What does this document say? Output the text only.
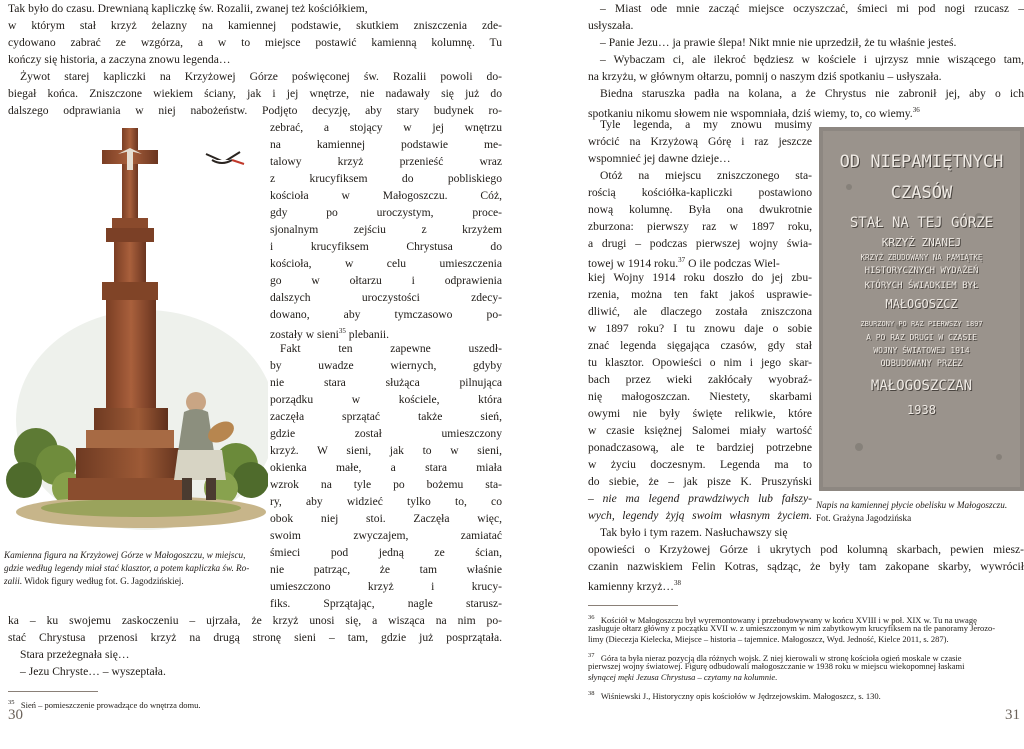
Tak było do czasu. Drewnianą kapliczkę św. Rozalii, zwanej też kościółkiem,
w którym stał krzyż żelazny na kamiennej podstawie, skutkiem zniszczenia zde-
cydowano zabrać ze wzgórza, a w to miejsce postawić kamienną kolumnę. Tu
kończy się historia, a zaczyna znowu legenda…
Żywot starej kapliczki na Krzyżowej Górze poświęconej św. Rozalii powoli do-
biegał końca. Zniszczone wiekiem ściany, jak i jej wnętrze, nie nadawały się już do
dalszego odprawiania w niej nabożeństw. Podjęto decyzję, aby stary budynek ro-
zebrać, a stojący w jej wnętrzu
na kamiennej podstawie me-
talowy krzyż przenieść wraz
z krucyfiksem do pobliskiego
kościoła w Małogoszczu. Cóż,
gdy po uroczystym, proce-
sjonalnym zejściu z krzyżem
i krucyfiksem Chrystusa do
kościoła, w celu umieszczenia
go w ołtarzu i odprawienia
dalszych uroczystości zdecy-
dowano, aby tymczasowo po-
zostały w sieni$^{35}$ plebanii.
Fakt ten zapewne uszedł-
by uwadze wiernych, gdyby
nie stara służąca pilnująca
porządku w kościele, która
zaczęła sprzątać także sień,
gdzie został umieszczony
krzyż. W sieni, jak to w sieni,
okienka małe, a stara miała
wzrok na tyle po bożemu sta-
ry, aby widzieć tylko to, co
obok niej stoi. Zaczęła więc,
swoim zwyczajem, zamiatać
śmieci pod jedną ze ścian,
nie patrząc, że tam właśnie
umieszczono krzyż i krucy-
fiks. Sprzątając, nagle starusz-
Kamienna figura na Krzyżowej Górze w Małogoszczu, w miejscu,
gdzie według legendy miał stać klasztor, a potem kapliczka św. Ro-
zalii. Widok figury według fot. G. Jagodzińskiej.
ka – ku swojemu zaskoczeniu – ujrzała, że krzyż unosi się, a wisząca na nim po-
stać Chrystusa przenosi krzyż na drugą stronę sieni – tam, gdzie już posprzątała.
Stara przeżegnała się…
– Jezu Chryste… – wyszeptała.
$^{35}$ Sień – pomieszczenie prowadzące do wnętrza domu.
30
– Miast ode mnie zacząć miejsce oczyszczać, śmieci mi pod nogi rzucasz –
usłyszała.
– Panie Jezu… ja prawie ślepa! Nikt mnie nie uprzedził, że tu właśnie jesteś.
– Wybaczam ci, ale ilekroć będziesz w kościele i ujrzysz mnie wiszącego tam,
na krzyżu, w głównym ołtarzu, pomnij o naszym dziś spotkaniu – usłyszała.
Biedna staruszka padła na kolana, a że Chrystus nie zabronił jej, aby o ich
spotkaniu nikomu słowem nie wspomniała, dziś wiemy, to, co wiemy.$^{36}$
OD NIEPAMIĘTNYCH
CZASÓW
STAŁ NA TEJ GÓRZE
KRZYŻ ZNANEJ
KRZYŻ ZBUDOWANY NA PAMIĄTKĘ
HISTORYCZNYCH WYDAŻEŃ
KTÓRYCH ŚWIADKIEM BYŁ
MAŁOGOSZCZ
ZBURZONY PO RAZ PIERWSZY 1897
A PO RAZ DRUGI W CZASIE
WOJNY ŚWIATOWEJ 1914
ODBUDOWANY PRZEZ
MAŁOGOSZCZAN
1938
Napis na kamiennej płycie obelisku w Małogoszczu.
Fot. Grażyna Jagodzińska
Tyle legenda, a my znowu musimy
wrócić na Krzyżową Górę i raz jeszcze
wspomnieć jej dawne dzieje…
Otóż na miejscu zniszczonego sta-
rością kościółka-kapliczki postawiono
nową kolumnę. Była ona dwukrotnie
zburzona: pierwszy raz w 1897 roku,
a drugi – podczas pierwszej wojny świa-
towej w 1914 roku.$^{37}$ O ile podczas Wiel-
kiej Wojny 1914 roku doszło do jej zbu-
rzenia, można ten fakt jakoś usprawie-
dliwić, ale dlaczego została zniszczona
w 1897 roku? I tu znowu daje o sobie
znać legenda sięgająca czasów, gdy stał
tu klasztor. Opowieści o nim i jego skar-
bach przez wieki zakłócały wyobraź-
nię małogoszczan. Niestety, skarbami
owymi nie były święte relikwie, które
w czasie księżnej Salomei miały wartość
ponadczasową, ale te bardziej potrzebne
w życiu doczesnym. Legenda ma to
do siebie, że – jak pisze K. Pruszyński
– nie ma legend prawdziwych lub fałszy-
wych, legendy żyją swoim własnym życiem.
Tak było i tym razem. Nasłuchawszy się
opowieści o Krzyżowej Górze i ukrytych pod kolumną skarbach, pewien miesz-
czanin nazwiskiem Felin Kotras, sądząc, że były tam zakopane skarby, wywrócił
kamienny krzyż…$^{38}$
$^{36}$ Kościół w Małogoszczu był wyremontowany i przebudowywany w końcu XVIII i w poł. XIX w. Tu na uwagę
zasługuje ołtarz główny z początku XVII w. z umieszczonym w nim zabytkowym krucyfiksem na tle panoramy Jerozo-
limy (Diecezja Kielecka, Miejsce – historia – tajemnice. Małogoszcz, Wyd. Jedność, Kielce 2011, s. 287).
$^{37}$ Góra ta była nieraz pozycją dla różnych wojsk. Z niej kierowali w stronę kościoła ogień moskale w czasie
pierwszej wojny światowej. Figurę odbudowali małogoszczanie w 1938 roku w miejscu wiekopomnej łaskami
słynącej męki Jezusa Chrystusa – czytamy na kolumnie.
$^{38}$ Wiśniewski J., Historyczny opis kościołów w Jędrzejowskim. Małogoszcz, s. 130.
31
